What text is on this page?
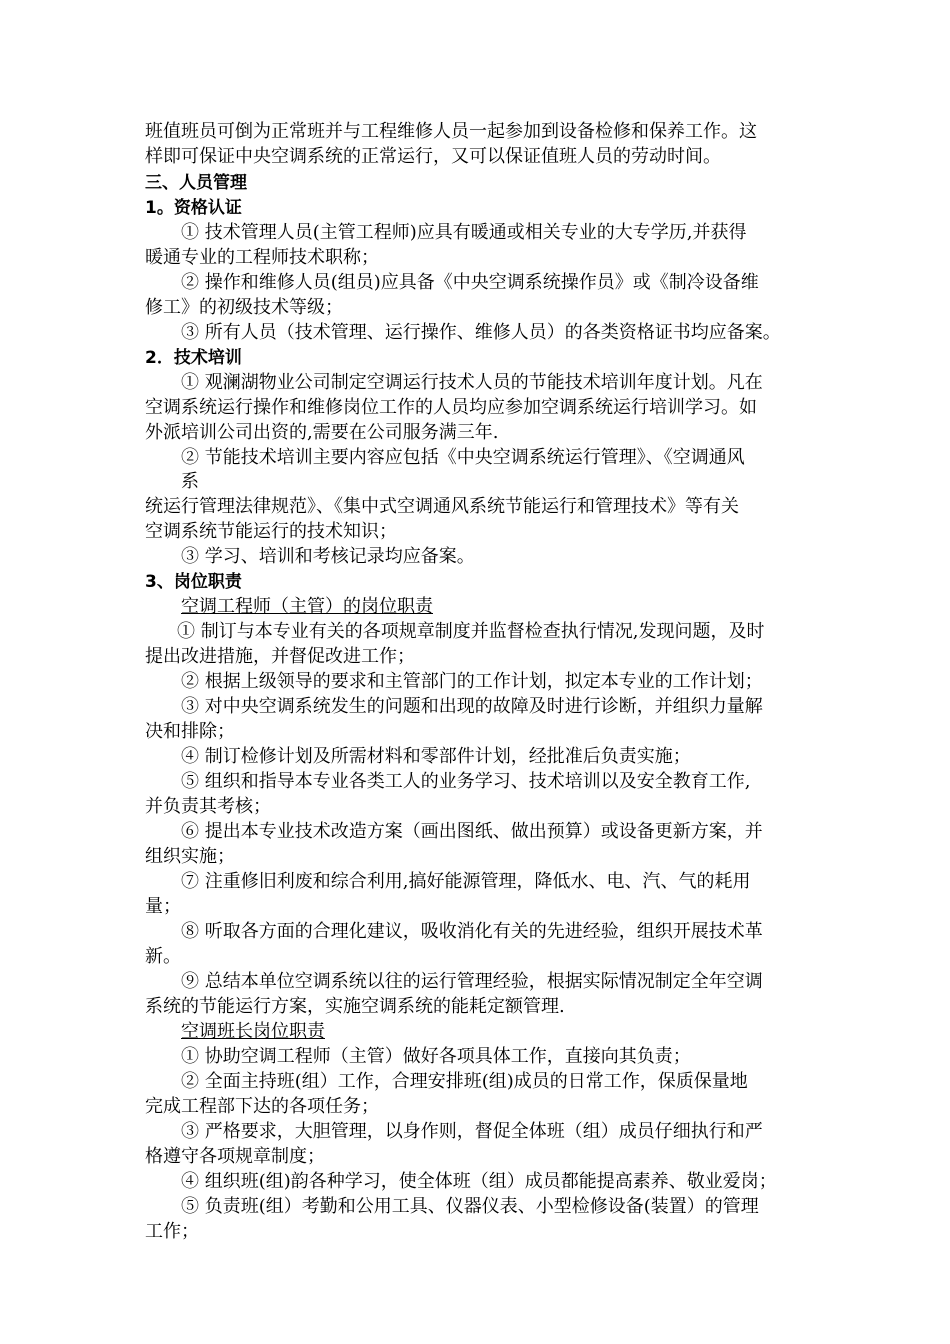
班值班员可倒为正常班并与工程维修人员一起参加到设备检修和保养工作。这

样即可保证中央空调系统的正常运行，又可以保证值班人员的劳动时间。

三、人员管理

1。资格认证

① 技术管理人员(主管工程师)应具有暖通或相关专业的大专学历,并获得

暖通专业的工程师技术职称；

② 操作和维修人员(组员)应具备《中央空调系统操作员》或《制冷设备维

修工》的初级技术等级；

③ 所有人员（技术管理、运行操作、维修人员）的各类资格证书均应备案。

2．技术培训

① 观澜湖物业公司制定空调运行技术人员的节能技术培训年度计划。凡在

空调系统运行操作和维修岗位工作的人员均应参加空调系统运行培训学习。如

外派培训公司出资的,需要在公司服务满三年.

② 节能技术培训主要内容应包括《中央空调系统运行管理》、《空调通风

系

统运行管理法律规范》、《集中式空调通风系统节能运行和管理技术》等有关

空调系统节能运行的技术知识；

③ 学习、培训和考核记录均应备案。

3、岗位职责

空调工程师（主管）的岗位职责

① 制订与本专业有关的各项规章制度并监督检查执行情况,发现问题，及时

提出改进措施，并督促改进工作；

② 根据上级领导的要求和主管部门的工作计划，拟定本专业的工作计划；

③ 对中央空调系统发生的问题和出现的故障及时进行诊断，并组织力量解

决和排除；

④ 制订检修计划及所需材料和零部件计划，经批准后负责实施；

⑤ 组织和指导本专业各类工人的业务学习、技术培训以及安全教育工作,

并负责其考核；

⑥ 提出本专业技术改造方案（画出图纸、做出预算）或设备更新方案，并

组织实施；

⑦ 注重修旧利废和综合利用,搞好能源管理，降低水、电、汽、气的耗用

量；

⑧ 听取各方面的合理化建议，吸收消化有关的先进经验，组织开展技术革

新。

⑨ 总结本单位空调系统以往的运行管理经验，根据实际情况制定全年空调

系统的节能运行方案，实施空调系统的能耗定额管理.

空调班长岗位职责

① 协助空调工程师（主管）做好各项具体工作，直接向其负责；

② 全面主持班(组）工作，合理安排班(组)成员的日常工作，保质保量地

完成工程部下达的各项任务；

③ 严格要求，大胆管理，以身作则，督促全体班（组）成员仔细执行和严

格遵守各项规章制度；

④ 组织班(组)韵各种学习，使全体班（组）成员都能提高素养、敬业爱岗；

⑤ 负责班(组）考勤和公用工具、仪器仪表、小型检修设备(装置）的管理

工作；
